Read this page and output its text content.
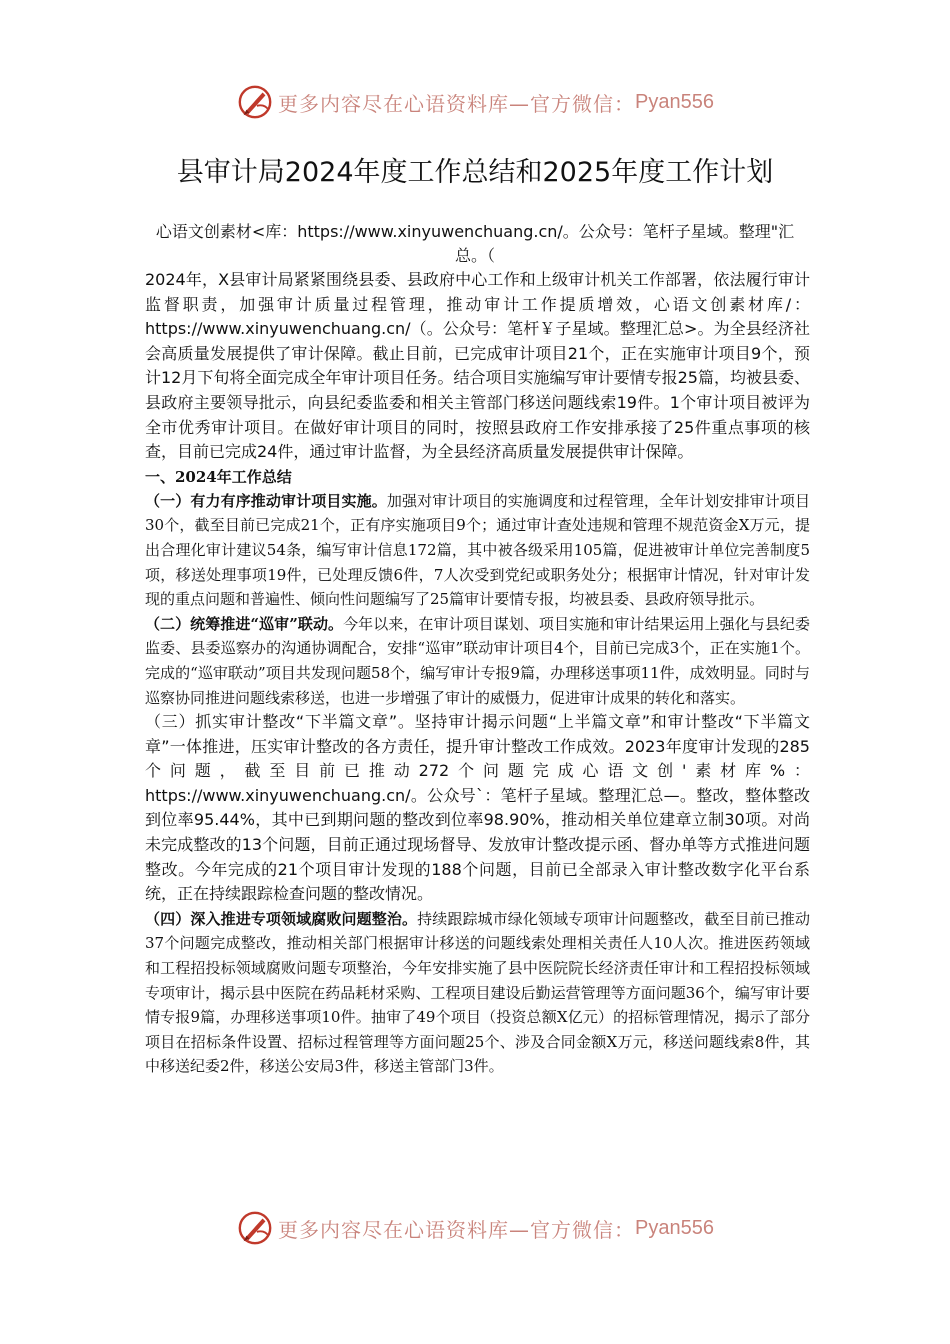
更多内容尽在心语资料库—官方微信： Pyan556
县审计局2024年度工作总结和2025年度工作计划
心语文创素材<库：https://www.xinyuwenchuang.cn/。公众号：笔杆子星域。整理"汇总。（

2024年，X县审计局紧紧围绕县委、县政府中心工作和上级审计机关工作部署，依法履行审计监督职责，加强审计质量过程管理，推动审计工作提质增效，心语文创素材库/：https://www.xinyuwenchuang.cn/（。公众号：笔杆￥子星域。整理汇总>。为全县经济社会高质量发展提供了审计保障。截止目前，已完成审计项目21个，正在实施审计项目9个，预计12月下旬将全面完成全年审计项目任务。结合项目实施编写审计要情专报25篇，均被县委、县政府主要领导批示，向县纪委监委和相关主管部门移送问题线索19件。1个审计项目被评为全市优秀审计项目。在做好审计项目的同时，按照县政府工作安排承接了25件重点事项的核查，目前已完成24件，通过审计监督，为全县经济高质量发展提供审计保障。

一、2024年工作总结

（一）有力有序推动审计项目实施。加强对审计项目的实施调度和过程管理，全年计划安排审计项目30个，截至目前已完成21个，正有序实施项目9个；通过审计查处违规和管理不规范资金X万元，提出合理化审计建议54条，编写审计信息172篇，其中被各级采用105篇，促进被审计单位完善制度5项，移送处理事项19件，已处理反馈6件，7人次受到党纪或职务处分；根据审计情况，针对审计发现的重点问题和普遍性、倾向性问题编写了25篇审计要情专报，均被县委、县政府领导批示。

（二）统筹推进“巡审”联动。今年以来，在审计项目谋划、项目实施和审计结果运用上强化与县纪委监委、县委巡察办的沟通协调配合，安排“巡审”联动审计项目4个，目前已完成3个，正在实施1个。完成的“巡审联动”项目共发现问题58个，编写审计专报9篇，办理移送事项11件，成效明显。同时与巡察协同推进问题线索移送，也进一步增强了审计的威慑力，促进审计成果的转化和落实。

（三）抓实审计整改“下半篇文章”。坚持审计揭示问题“上半篇文章”和审计整改“下半篇文章”一体推进，压实审计整改的各方责任，提升审计整改工作成效。2023年度审计发现的285个问题，截至目前已推动272个问题完成心语文创'素材库%：https://www.xinyuwenchuang.cn/。公众号`：笔杆子星域。整理汇总—。整改，整体整改到位率95.44%，其中已到期问题的整改到位率98.90%，推动相关单位建章立制30项。对尚未完成整改的13个问题，目前正通过现场督导、发放审计整改提示函、督办单等方式推进问题整改。今年完成的21个项目审计发现的188个问题，目前已全部录入审计整改数字化平台系统，正在持续跟踪检查问题的整改情况。

（四）深入推进专项领域腐败问题整治。持续跟踪城市绿化领域专项审计问题整改，截至目前已推动37个问题完成整改，推动相关部门根据审计移送的问题线索处理相关责任人10人次。推进医药领域和工程招投标领域腐败问题专项整治，今年安排实施了县中医院院长经济责任审计和工程招投标领域专项审计，揭示县中医院在药品耗材采购、工程项目建设后勤运营管理等方面问题36个，编写审计要情专报9篇，办理移送事项10件。抽审了49个项目（投资总额X亿元）的招标管理情况，揭示了部分项目在招标条件设置、招标过程管理等方面问题25个、涉及合同金额X万元，移送问题线索8件，其中移送纪委2件，移送公安局3件，移送主管部门3件。

更多内容尽在心语资料库—官方微信： Pyan556
